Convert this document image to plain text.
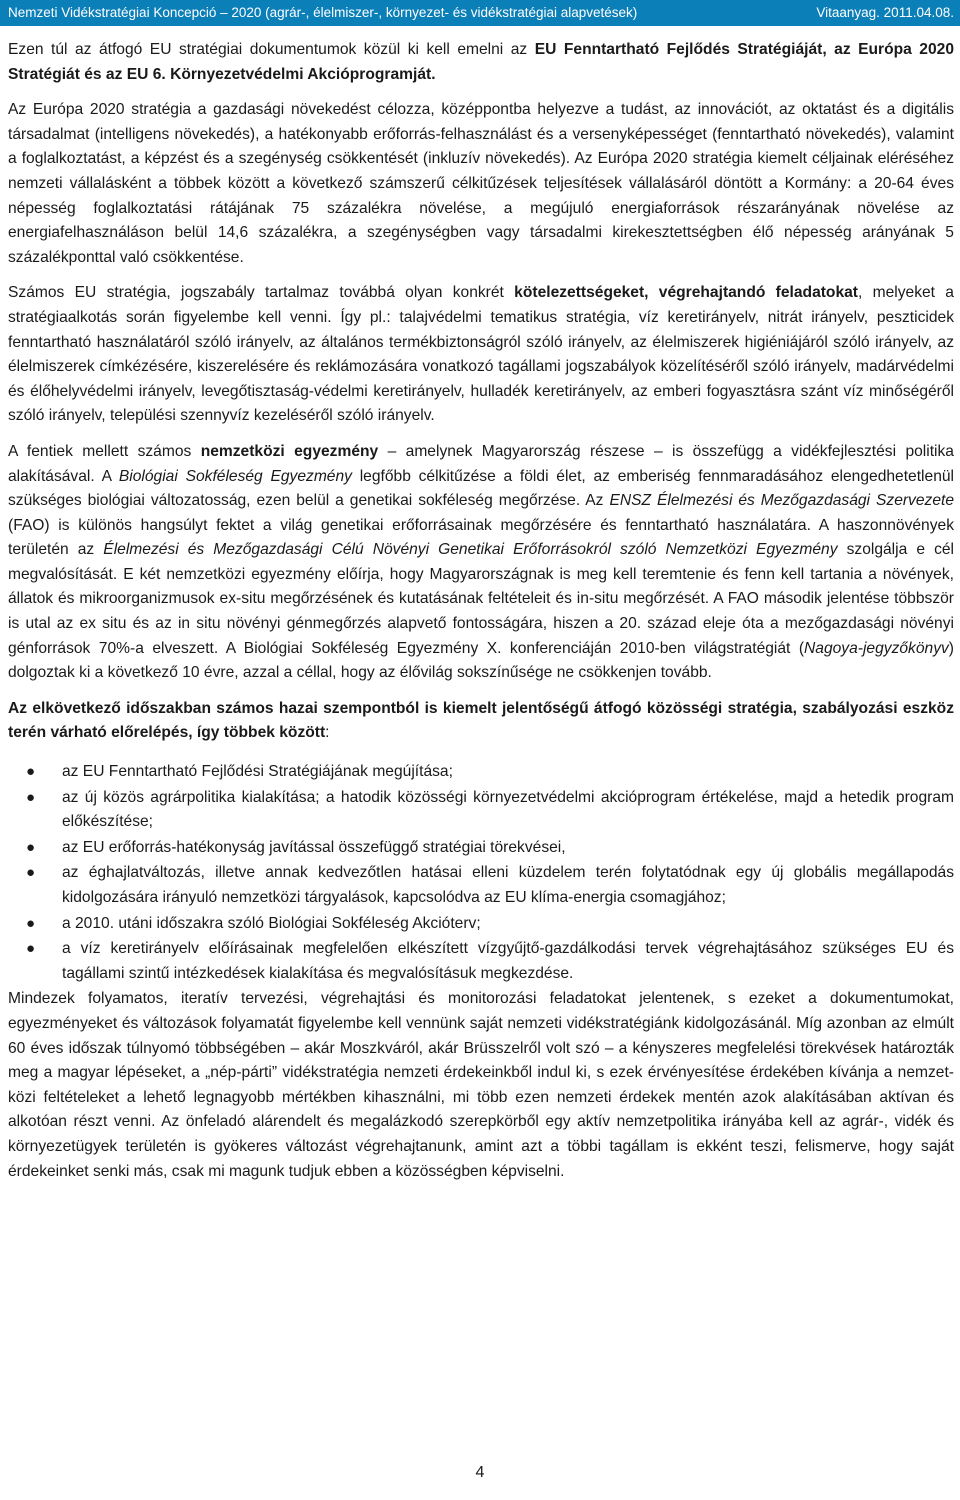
Nemzeti Vidékstratégiai Koncepció – 2020 (agrár-, élelmiszer-, környezet- és vidékstratégiai alapvetések)	Vitaanyag. 2011.04.08.

Ezen túl az átfogó EU stratégiai dokumentumok közül ki kell emelni az EU Fenntartható Fejlődés Stratégiáját, az Európa 2020 Stratégiát és az EU 6. Környezetvédelmi Akcióprogramját.

Az Európa 2020 stratégia a gazdasági növekedést célozza, középpontba helyezve a tudást, az innovációt, az oktatást és a digitális társadalmat (intelligens növekedés), a hatékonyabb erőforrás-felhasználást és a versenyképességet (fenntartható növekedés), valamint a foglalkoztatást, a képzést és a szegénység csökkentését (inkluzív növekedés). Az Európa 2020 stratégia kiemelt céljainak eléréséhez nemzeti vállalásként a többek között a következő számszerű célkitűzések teljesítések vállalásáról döntött a Kormány: a 20-64 éves népesség foglalkoztatási rátájának 75 százalékra növelése, a megújuló energiaforrások részarányának növelése az energiafelhasználáson belül 14,6 százalékra, a szegénységben vagy társadalmi kirekesztettségben élő népesség arányának 5 százalékponttal való csökkentése.

Számos EU stratégia, jogszabály tartalmaz továbbá olyan konkrét kötelezettségeket, végrehajtandó feladatokat, melyeket a stratégiaalkotás során figyelembe kell venni. Így pl.: talajvédelmi tematikus stratégia, víz keretirányelv, nitrát irányelv, peszticidek fenntartható használatáról szóló irányelv, az általános termékbiztonságról szóló irányelv, az élelmiszerek higiéniájáról szóló irányelv, az élelmiszerek címkézésére, kiszerelésére és reklámozására vonatkozó tagállami jogszabályok közelítéséről szóló irányelv, madárvédelmi és élőhelyvédelmi irányelv, levegőtisztaság-védelmi keretirányelv, hulladék keretirányelv, az emberi fogyasztásra szánt víz minőségéről szóló irányelv, települési szennyvíz kezeléséről szóló irányelv.

A fentiek mellett számos nemzetközi egyezmény – amelynek Magyarország részese – is összefügg a vidékfejlesztési politika alakításával. A Biológiai Sokféleség Egyezmény legfőbb célkitűzése a földi élet, az emberiség fennmaradásához elengedhetetlenül szükséges biológiai változatosság, ezen belül a genetikai sokféleség megőrzése. Az ENSZ Élelmezési és Mezőgazdasági Szervezete (FAO) is különös hangsúlyt fektet a világ genetikai erőforrásainak megőrzésére és fenntartható használatára. A haszonnövények területén az Élelmezési és Mezőgazdasági Célú Növényi Genetikai Erőforrásokról szóló Nemzetközi Egyezmény szolgálja e cél megvalósítását. E két nemzetközi egyezmény előírja, hogy Magyarországnak is meg kell teremtenie és fenn kell tartania a növények, állatok és mikroorganizmusok ex-situ megőrzésének és kutatásának feltételeit és in-situ megőrzését. A FAO második jelentése többször is utal az ex situ és az in situ növényi génmegőrzés alapvető fontosságára, hiszen a 20. század eleje óta a mezőgazdasági növényi génforrások 70%-a elveszett. A Biológiai Sokféleség Egyezmény X. konferenciáján 2010-ben világstratégiát (Nagoya-jegyzőkönyv) dolgoztak ki a következő 10 évre, azzal a céllal, hogy az élővilág sokszínűsége ne csökkenjen tovább.

Az elkövetkező időszakban számos hazai szempontból is kiemelt jelentőségű átfogó közösségi stratégia, szabályozási eszköz terén várható előrelépés, így többek között:

● az EU Fenntartható Fejlődési Stratégiájának megújítása;
● az új közös agrárpolitika kialakítása; a hatodik közösségi környezetvédelmi akcióprogram értékelése, majd a hetedik program előkészítése;
● az EU erőforrás-hatékonyság javítással összefüggő stratégiai törekvései,
● az éghajlatváltozás, illetve annak kedvezőtlen hatásai elleni küzdelem terén folytatódnak egy új globális megállapodás kidolgozására irányuló nemzetközi tárgyalások, kapcsolódva az EU klíma-energia csomagjához;
● a 2010. utáni időszakra szóló Biológiai Sokféleség Akcióterv;
● a víz keretirányelv előírásainak megfelelően elkészített vízgyűjtő-gazdálkodási tervek végrehajtásához szükséges EU és tagállami szintű intézkedések kialakítása és megvalósításuk megkezdése.

Mindezek folyamatos, iteratív tervezési, végrehajtási és monitorozási feladatokat jelentenek, s ezeket a dokumentumokat, egyezményeket és változások folyamatát figyelembe kell vennünk saját nemzeti vidékstratégiánk kidolgozásánál. Míg azonban az elmúlt 60 éves időszak túlnyomó többségében – akár Moszkváról, akár Brüsszelről volt szó – a kényszeres megfelelési törekvések határozták meg a magyar lépéseket, a „nép-párti” vidékstratégia nemzeti érdekeinkből indul ki, s ezek érvényesítése érdekében kívánja a nemzetközi feltételeket a lehető legnagyobb mértékben kihasználni, mi több ezen nemzeti érdekek mentén azok alakításában aktívan és alkotóan részt venni. Az önfeladó alárendelt és megalázkodó szerepkörből egy aktív nemzetpolitika irányába kell az agrár-, vidék és környezetügyek területén is gyökeres változást végrehajtanunk, amint azt a többi tagállam is ekként teszi, felismerve, hogy saját érdekeinket senki más, csak mi magunk tudjuk ebben a közösségben képviselni.

4
